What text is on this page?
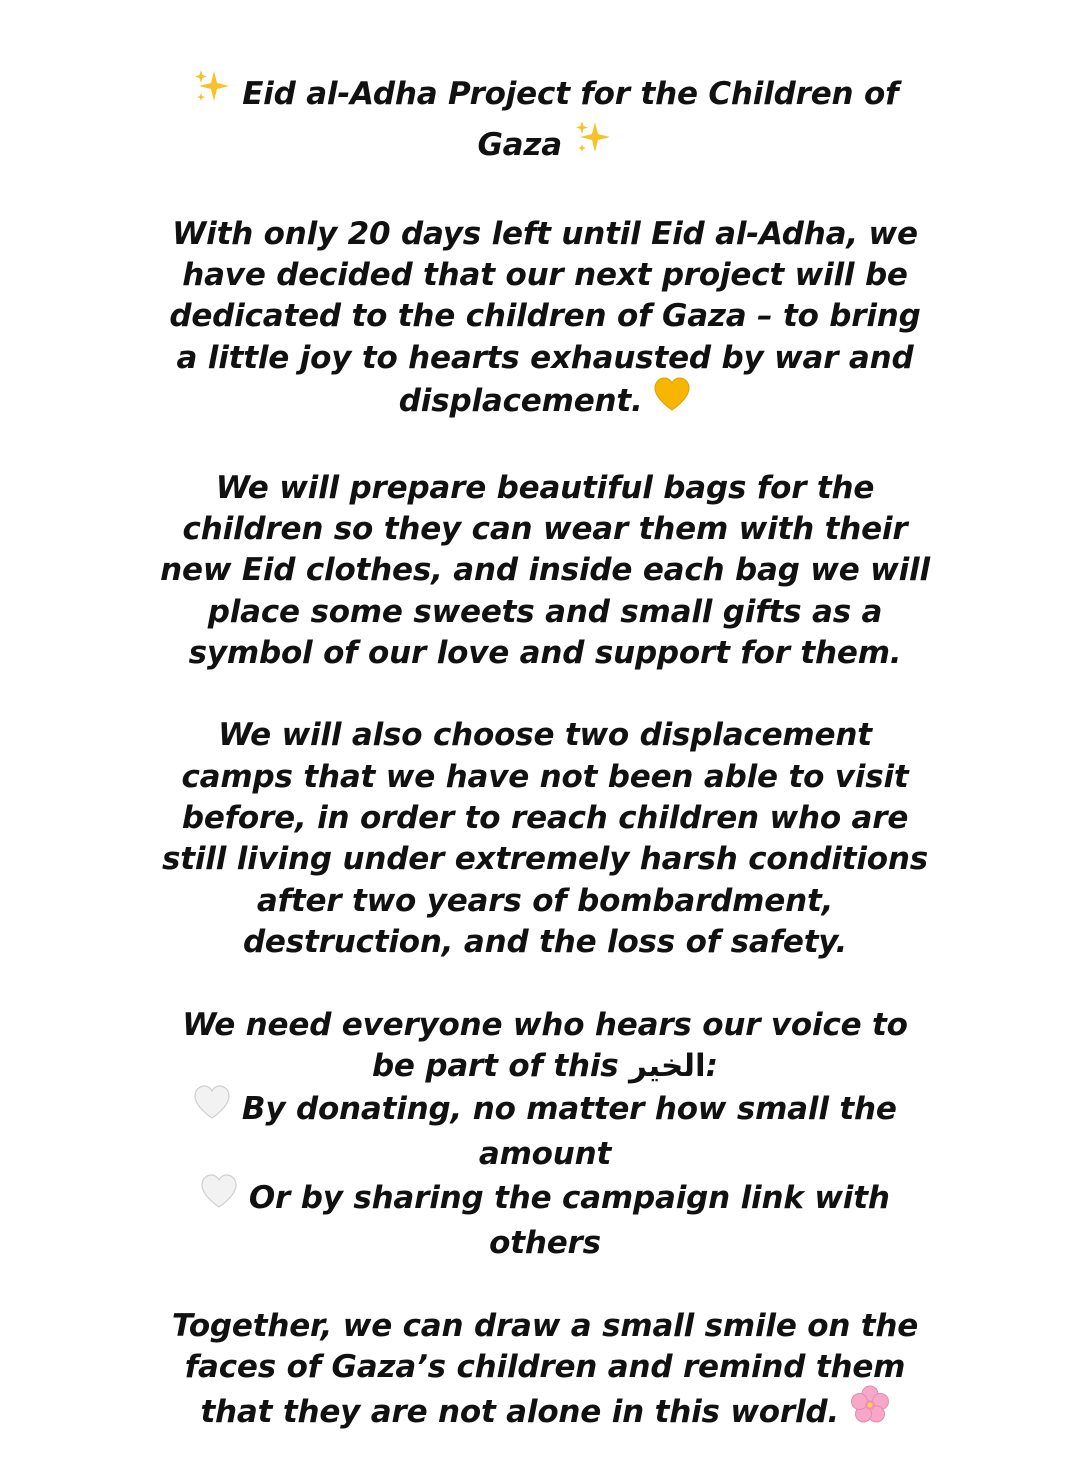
Eid al-Adha Project for the Children of
Gaza
With only 20 days left until Eid al-Adha, we
have decided that our next project will be
dedicated to the children of Gaza – to bring
a little joy to hearts exhausted by war and
displacement.
We will prepare beautiful bags for the
children so they can wear them with their
new Eid clothes, and inside each bag we will
place some sweets and small gifts as a
symbol of our love and support for them.
We will also choose two displacement
camps that we have not been able to visit
before, in order to reach children who are
still living under extremely harsh conditions
after two years of bombardment,
destruction, and the loss of safety.
We need everyone who hears our voice to
be part of this الخير:
By donating, no matter how small the
amount
Or by sharing the campaign link with
others
Together, we can draw a small smile on the
faces of Gaza’s children and remind them
that they are not alone in this world.
